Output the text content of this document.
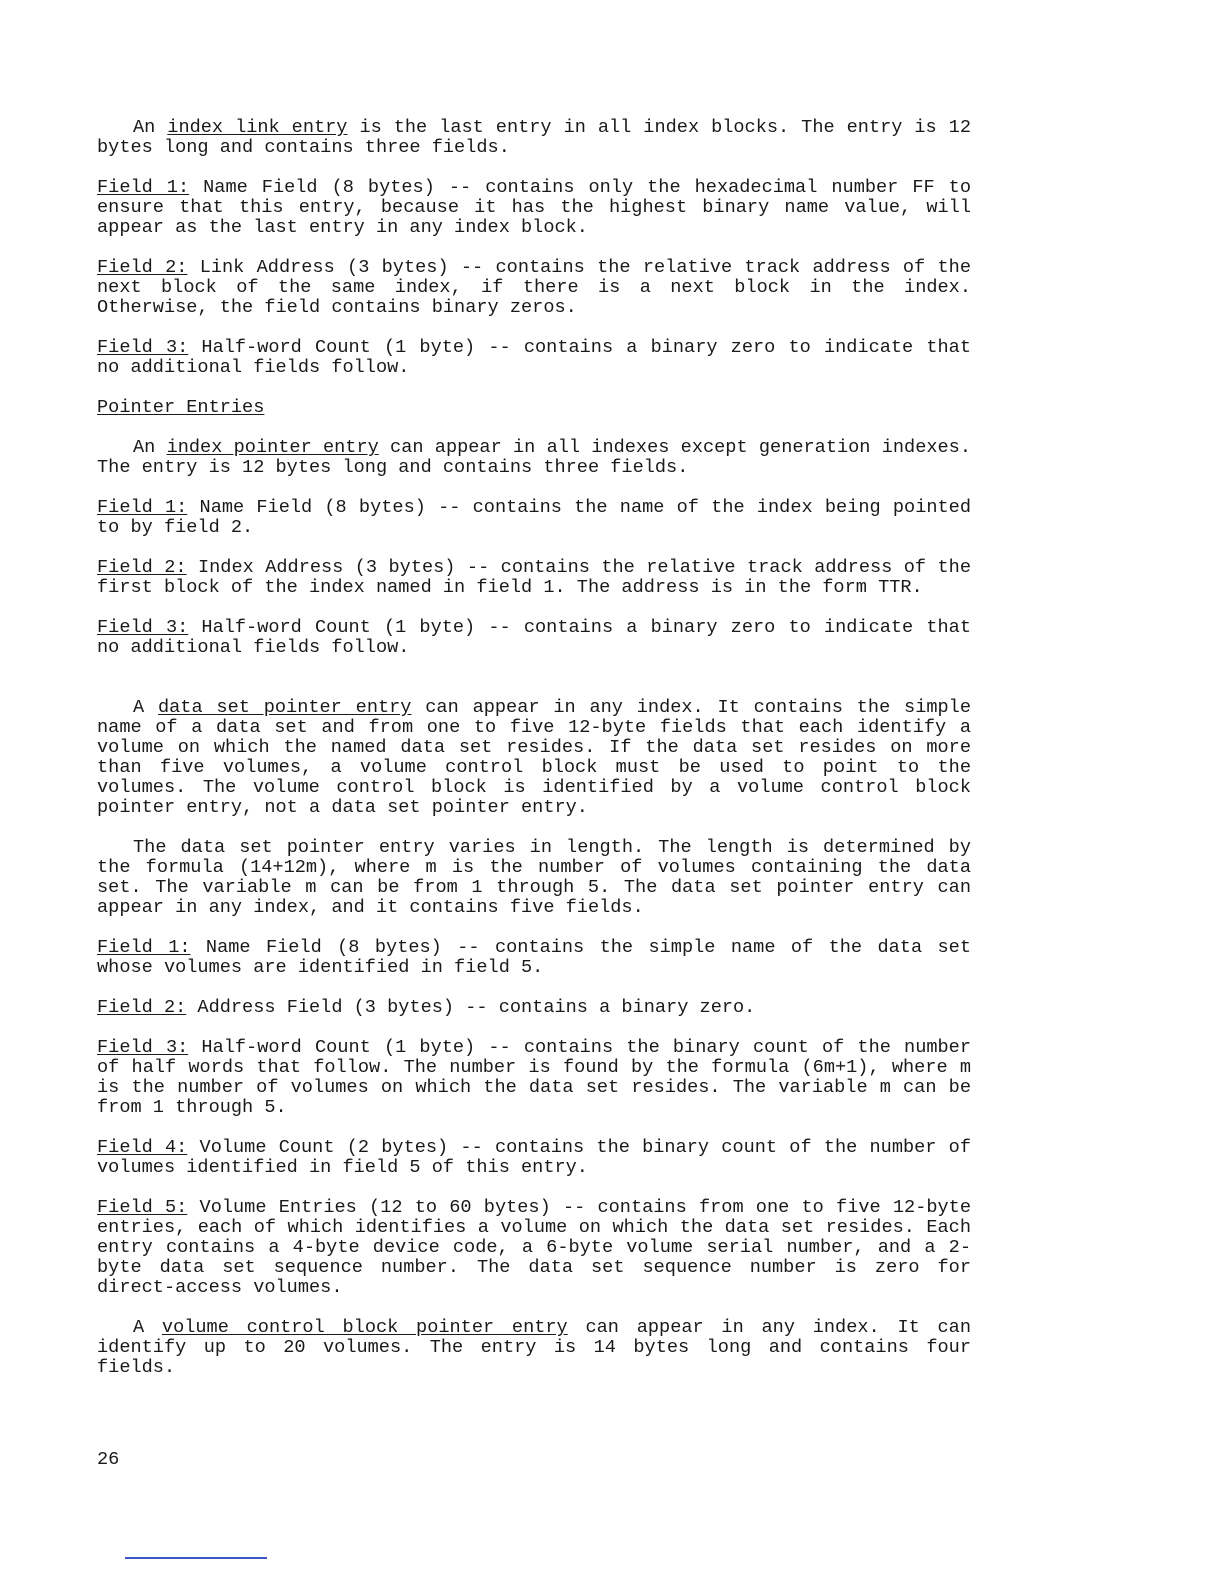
An index link entry is the last entry in all index blocks. The entry is 12 bytes long and contains three fields.

Field 1: Name Field (8 bytes) -- contains only the hexadecimal number FF to ensure that this entry, because it has the highest binary name value, will appear as the last entry in any index block.

Field 2: Link Address (3 bytes) -- contains the relative track address of the next block of the same index, if there is a next block in the index. Otherwise, the field contains binary zeros.

Field 3: Half-word Count (1 byte) -- contains a binary zero to indicate that no additional fields follow.

Pointer Entries

An index pointer entry can appear in all indexes except generation indexes. The entry is 12 bytes long and contains three fields.

Field 1: Name Field (8 bytes) -- contains the name of the index being pointed to by field 2.

Field 2: Index Address (3 bytes) -- contains the relative track address of the first block of the index named in field 1. The address is in the form TTR.

Field 3: Half-word Count (1 byte) -- contains a binary zero to indicate that no additional fields follow.

A data set pointer entry can appear in any index. It contains the simple name of a data set and from one to five 12-byte fields that each identify a volume on which the named data set resides. If the data set resides on more than five volumes, a volume control block must be used to point to the volumes. The volume control block is identified by a volume control block pointer entry, not a data set pointer entry.

The data set pointer entry varies in length. The length is determined by the formula (14+12m), where m is the number of volumes containing the data set. The variable m can be from 1 through 5. The data set pointer entry can appear in any index, and it contains five fields.

Field 1: Name Field (8 bytes) -- contains the simple name of the data set whose volumes are identified in field 5.

Field 2: Address Field (3 bytes) -- contains a binary zero.

Field 3: Half-word Count (1 byte) -- contains the binary count of the number of half words that follow. The number is found by the formula (6m+1), where m is the number of volumes on which the data set resides. The variable m can be from 1 through 5.

Field 4: Volume Count (2 bytes) -- contains the binary count of the number of volumes identified in field 5 of this entry.

Field 5: Volume Entries (12 to 60 bytes) -- contains from one to five 12-byte entries, each of which identifies a volume on which the data set resides. Each entry contains a 4-byte device code, a 6-byte volume serial number, and a 2-byte data set sequence number. The data set sequence number is zero for direct-access volumes.

A volume control block pointer entry can appear in any index. It can identify up to 20 volumes. The entry is 14 bytes long and contains four fields.

26
